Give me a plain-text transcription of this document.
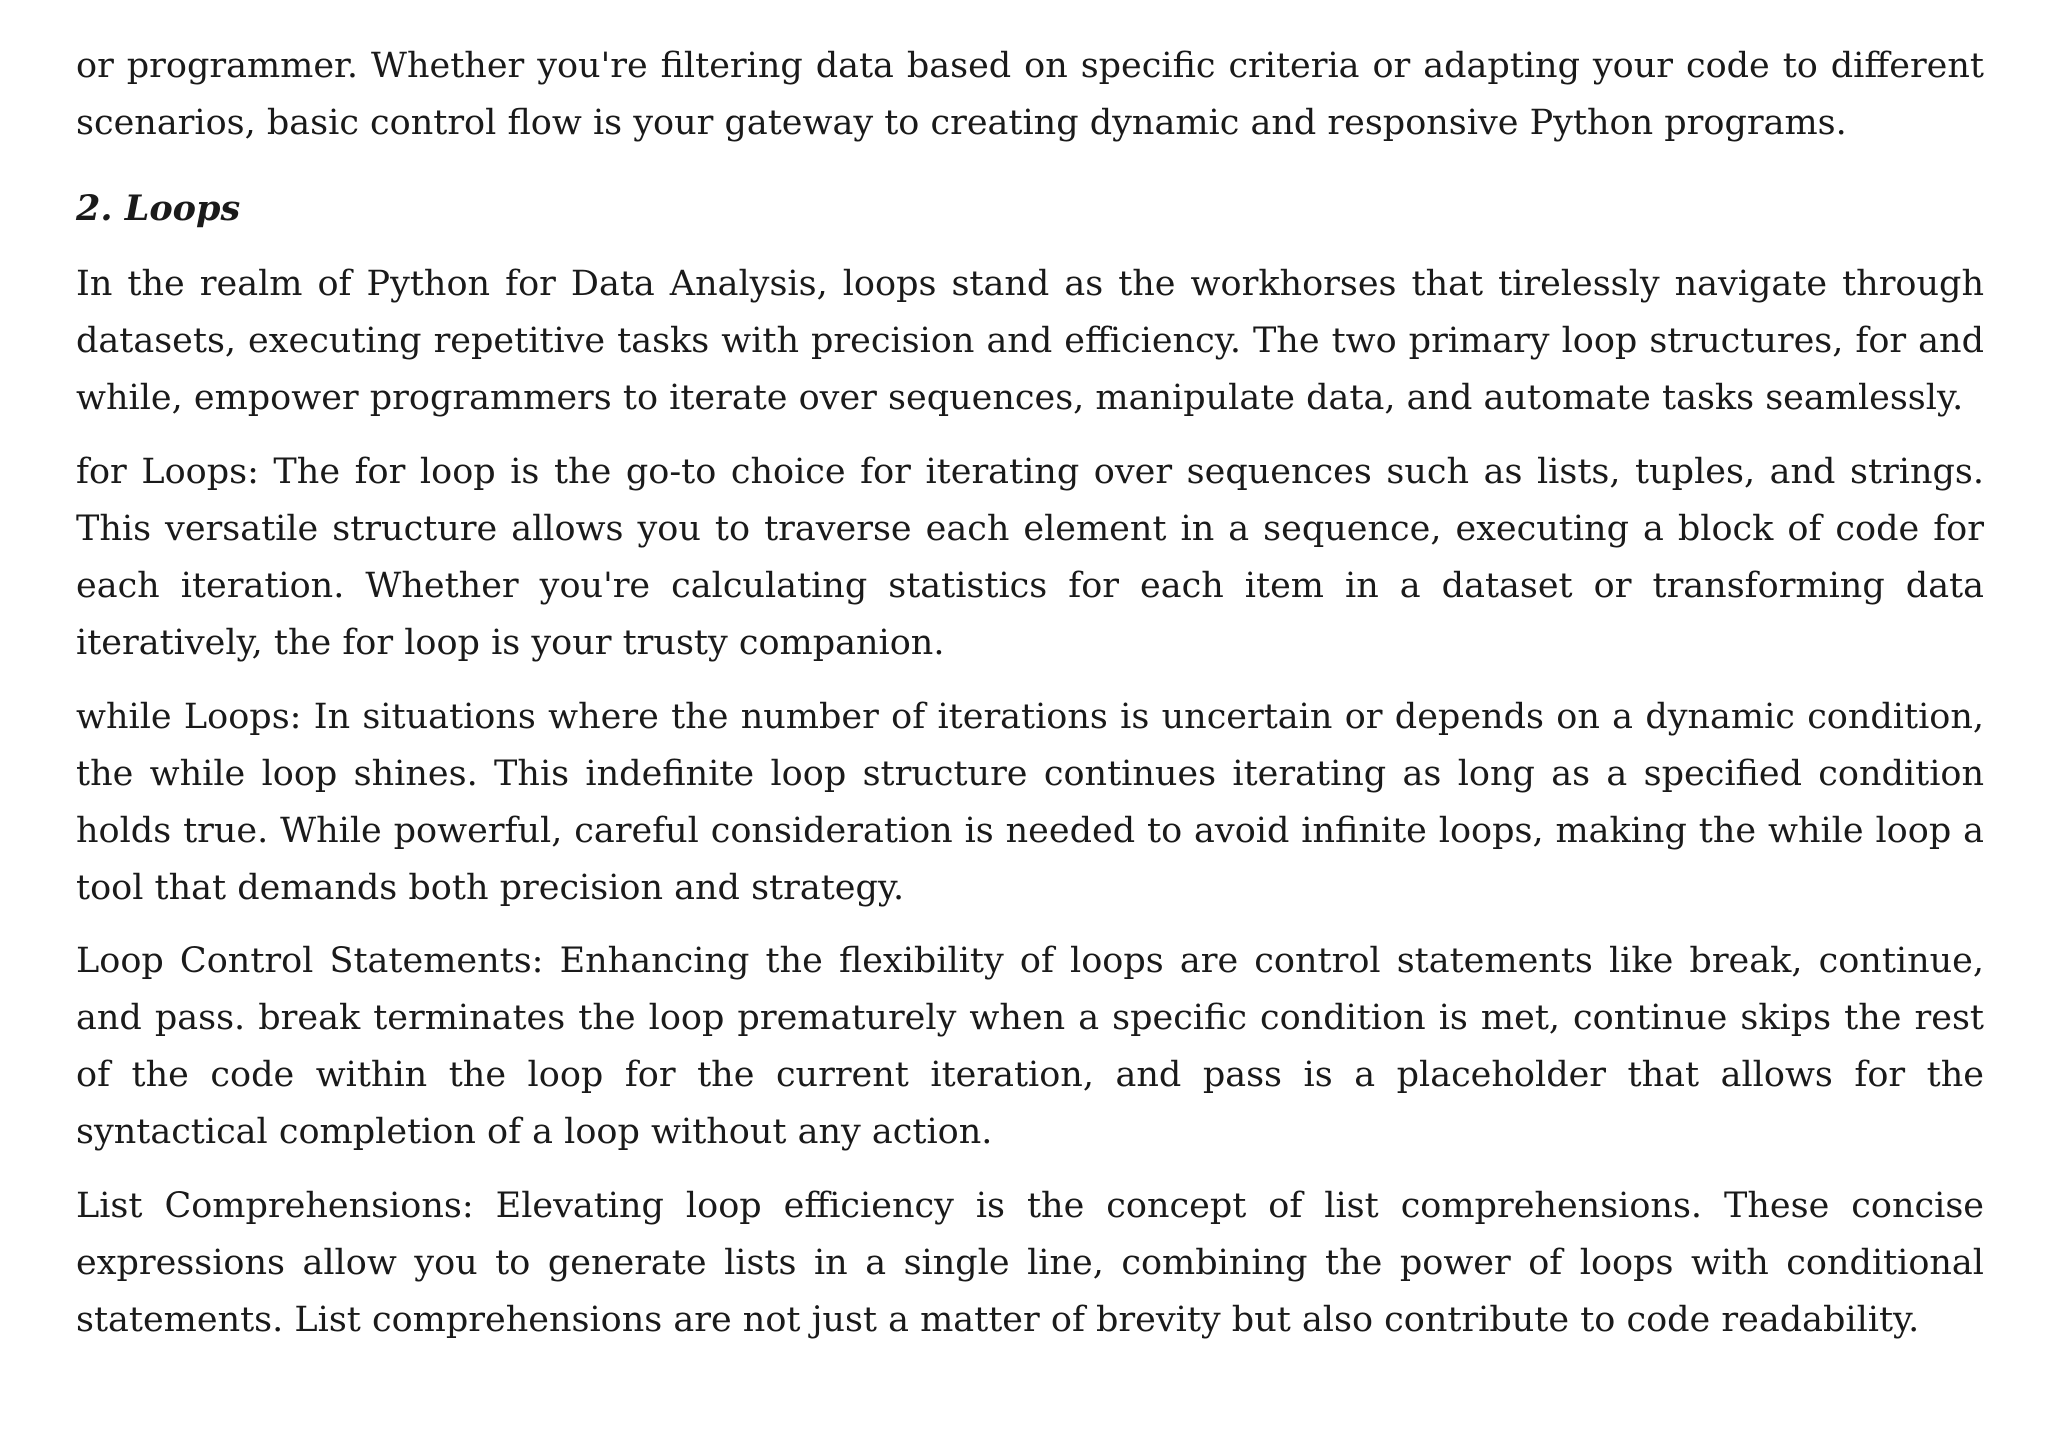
or programmer. Whether you're filtering data based on specific criteria or adapting your code to different scenarios, basic control flow is your gateway to creating dynamic and responsive Python programs.

2. Loops

In the realm of Python for Data Analysis, loops stand as the workhorses that tirelessly navigate through datasets, executing repetitive tasks with precision and efficiency. The two primary loop structures, for and while, empower programmers to iterate over sequences, manipulate data, and automate tasks seamlessly.

for Loops: The for loop is the go-to choice for iterating over sequences such as lists, tuples, and strings. This versatile structure allows you to traverse each element in a sequence, executing a block of code for each iteration. Whether you're calculating statistics for each item in a dataset or transforming data iteratively, the for loop is your trusty companion.

while Loops: In situations where the number of iterations is uncertain or depends on a dynamic condition, the while loop shines. This indefinite loop structure continues iterating as long as a specified condition holds true. While powerful, careful consideration is needed to avoid infinite loops, making the while loop a tool that demands both precision and strategy.

Loop Control Statements: Enhancing the flexibility of loops are control statements like break, continue, and pass. break terminates the loop prematurely when a specific condition is met, continue skips the rest of the code within the loop for the current iteration, and pass is a placeholder that allows for the syntactical completion of a loop without any action.

List Comprehensions: Elevating loop efficiency is the concept of list comprehensions. These concise expressions allow you to generate lists in a single line, combining the power of loops with conditional statements. List comprehensions are not just a matter of brevity but also contribute to code readability.
